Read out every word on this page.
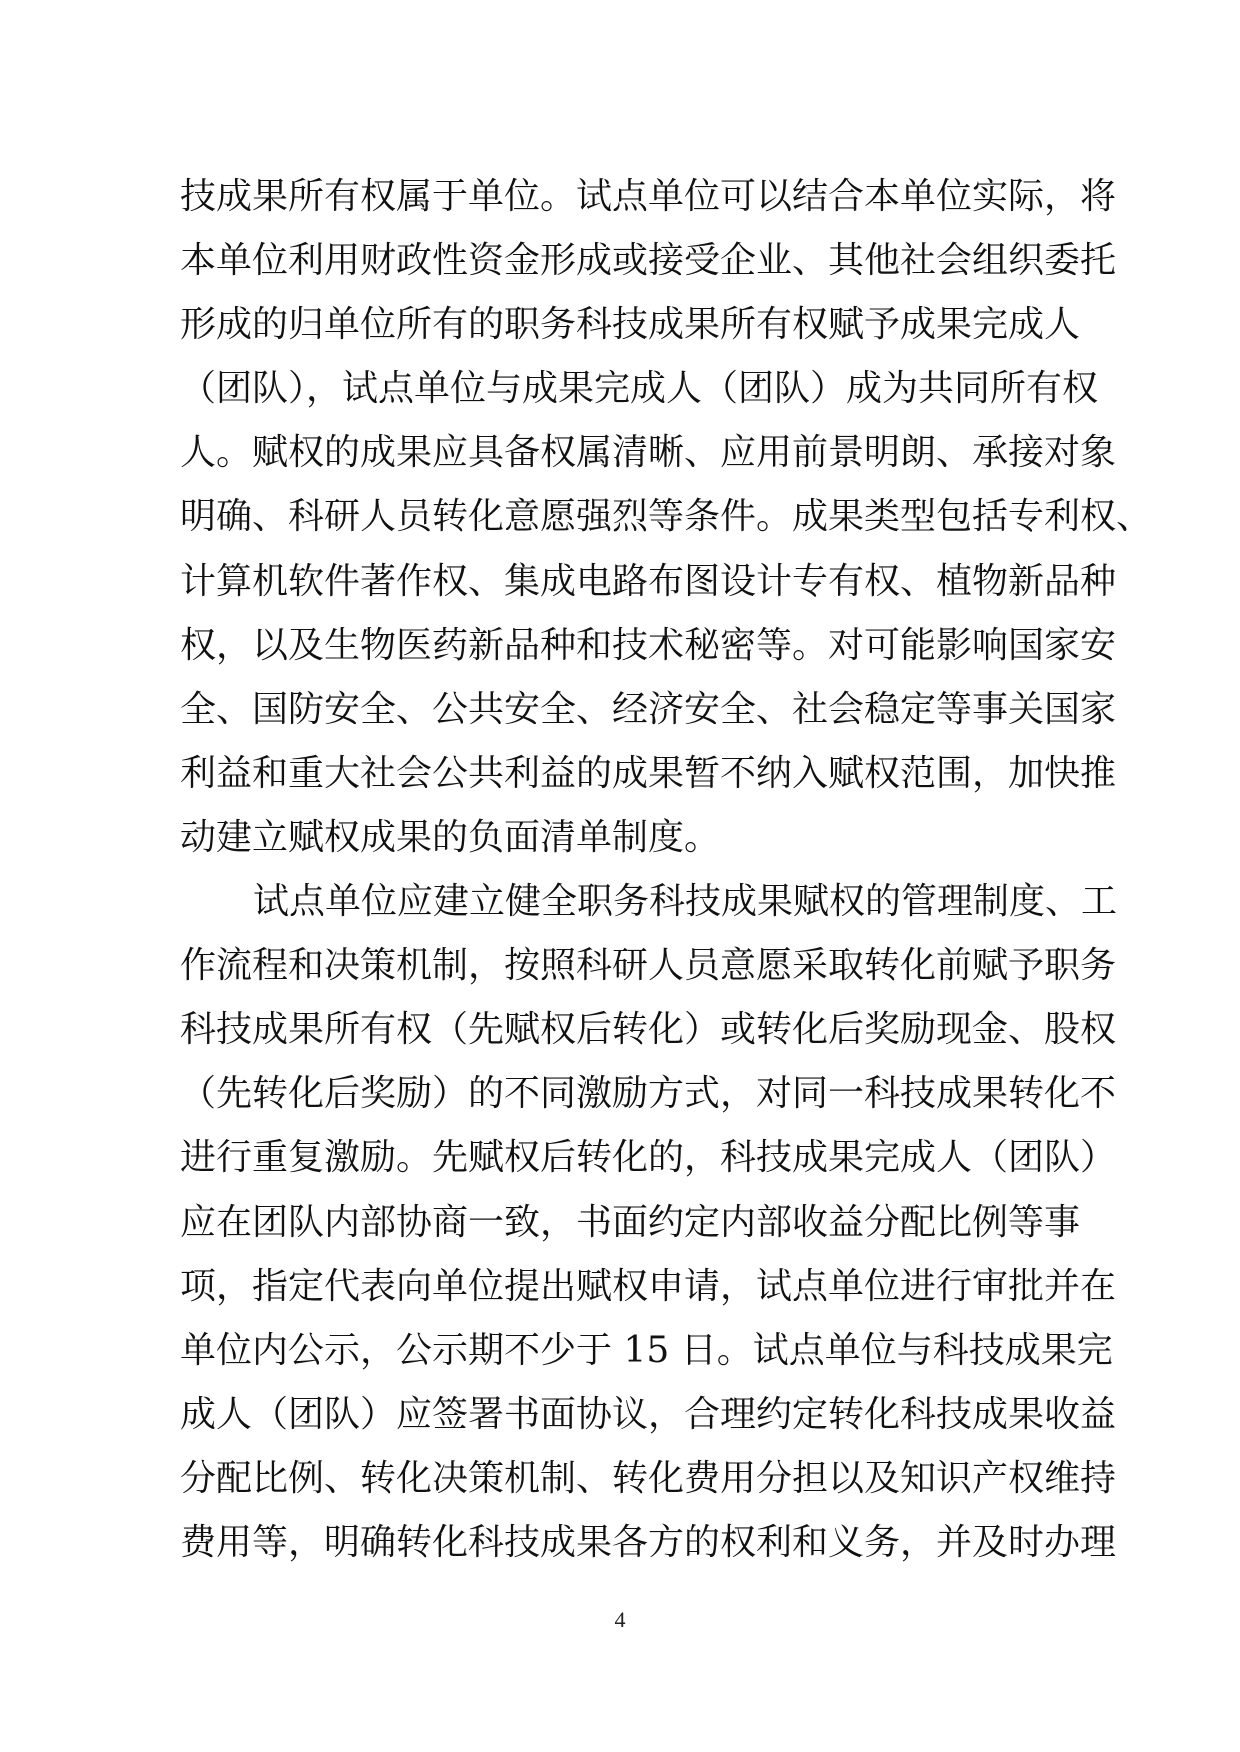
技成果所有权属于单位。试点单位可以结合本单位实际，将
本单位利用财政性资金形成或接受企业、其他社会组织委托
形成的归单位所有的职务科技成果所有权赋予成果完成人
（团队），试点单位与成果完成人（团队）成为共同所有权
人。赋权的成果应具备权属清晰、应用前景明朗、承接对象
明确、科研人员转化意愿强烈等条件。成果类型包括专利权、
计算机软件著作权、集成电路布图设计专有权、植物新品种
权，以及生物医药新品种和技术秘密等。对可能影响国家安
全、国防安全、公共安全、经济安全、社会稳定等事关国家
利益和重大社会公共利益的成果暂不纳入赋权范围，加快推
动建立赋权成果的负面清单制度。
试点单位应建立健全职务科技成果赋权的管理制度、工
作流程和决策机制，按照科研人员意愿采取转化前赋予职务
科技成果所有权（先赋权后转化）或转化后奖励现金、股权
（先转化后奖励）的不同激励方式，对同一科技成果转化不
进行重复激励。先赋权后转化的，科技成果完成人（团队）
应在团队内部协商一致，书面约定内部收益分配比例等事
项，指定代表向单位提出赋权申请，试点单位进行审批并在
单位内公示，公示期不少于 15 日。试点单位与科技成果完
成人（团队）应签署书面协议，合理约定转化科技成果收益
分配比例、转化决策机制、转化费用分担以及知识产权维持
费用等，明确转化科技成果各方的权利和义务，并及时办理
4
